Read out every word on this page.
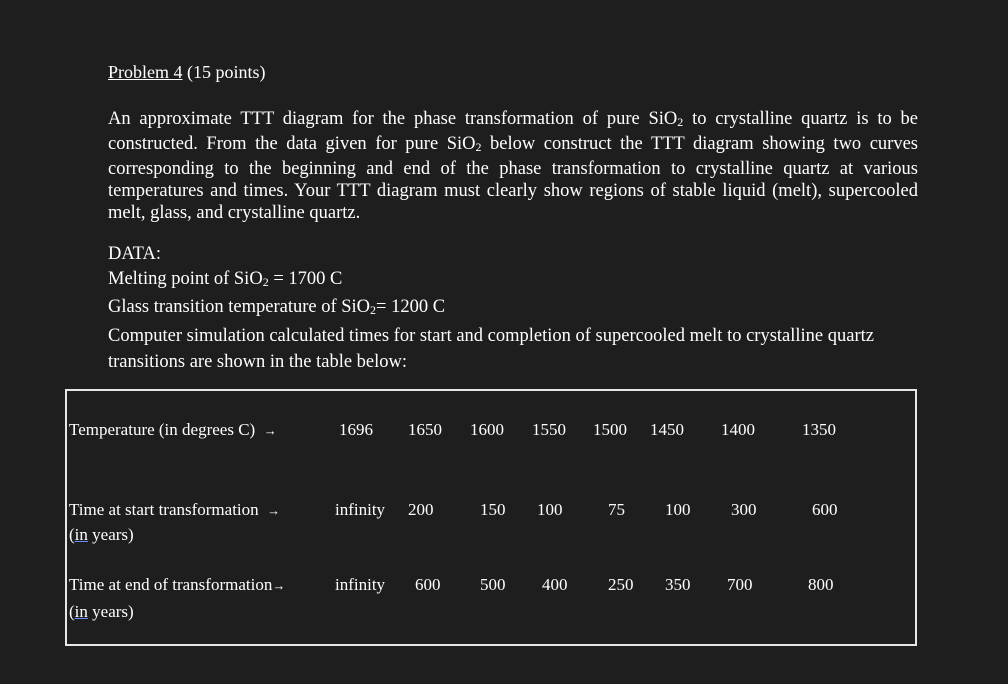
Problem 4 (15 points)
An approximate TTT diagram for the phase transformation of pure SiO$_2$ to crystalline quartz is to be constructed. From the data given for pure SiO$_2$ below construct the TTT diagram showing two curves corresponding to the beginning and end of the phase transformation to crystalline quartz at various temperatures and times. Your TTT diagram must clearly show regions of stable liquid (melt), supercooled melt, glass, and crystalline quartz.
DATA:
Melting point of SiO$_2$ = 1700 C
Glass transition temperature of SiO$_2$= 1200 C
Computer simulation calculated times for start and completion of supercooled melt to crystalline quartz transitions are shown in the table below:
Temperature (in degrees C) →	1696 1650 1600 1550 1500 1450 1400	1350
Time at start transformation →
(in years)
infinity 200	150 100	75 100 300	600
Time at end of transformation→
(in years)
infinity 600 500 400 250 350 700	800
